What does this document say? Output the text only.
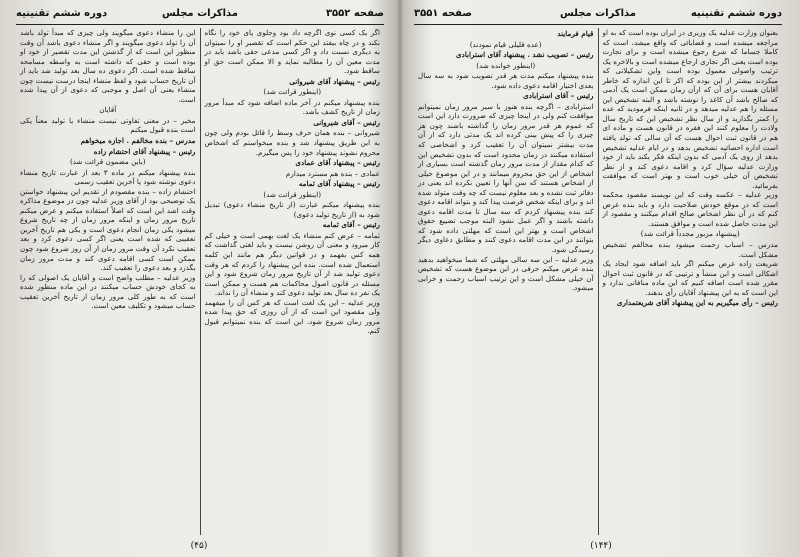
صفحه ۳۵۵۲
مذاکرات مجلس
دوره ششم تقنینیه

اگر یک کسی نوی اگرچه داد بود وجلوی پای خود را نگاه نکند و در چاه بیفتد این حکم است که تقصیر او را نمیتوان به دیگری نسبت داد و اگر کسی مدعی حقی باشد باید در مدت معین آن را مطالبه نماید و الا ممکن است حق او ساقط شود.

رئیس – پیشنهاد آقای شیروانی

(اینطور قرائت شد)

بنده پیشنهاد میکنم در آخر ماده اضافه شود که مبدأ مرور زمان از تاریخ کشف باشد.

رئیس – آقای شیروانی

شیروانی – بنده همان حرف وسط را قائل بودم ولی چون به این طریق پیشنهاد شد و بنده میخواستم که اشخاص محروم نشوند پیشنهاد خود را پس میگیرم.

رئیس – پیشنهاد آقای عمادی

عمادی – بنده هم مسترد میدارم

رئیس – پیشنهاد آقای ثمامه

(اینطور قرائت شد)

بنده پیشنهاد میکنم عبارت (از تاریخ منشاء دعوی) تبدیل شود به (از تاریخ تولید دعوی)

رئیس – آقای ثمامه

ثمامه – عرض کنم منشاء یک لغت بهمی است و خیلی کم کار میرود و معنی آن روشن نیست و باید لغتی گذاشت که همه کس بفهمد و در قوانین دیگر هم مانند این کلمه استعمال شده است. بنده این پیشنهاد را کردم که هر وقت دعوی تولید شد از آن تاریخ مرور زمان شروع شود و این مسئله در قانون اصول محاکمات هم هست و ممکن است یک نفر ده سال بعد تولید دعوی کند و منشاء آن را نداند.

وزیر عدلیه – این یک لغت است که هر کس آن را میفهمد ولی مقصود این است که از آن روزی که حق پیدا شده مرور زمان شروع شود. این است که بنده نمیتوانم قبول کنم.

این را منشاء دعوی میگویند ولی چیزی که مبدأ تولد باشد آن را تولد دعوی میگویند و اگر منشاء دعوی باشد آن وقت منظور این است که از گذشتن این مدت تقصیر از خود او بوده است و حقی که داشته است به واسطه مسامحه ساقط شده است. اگر دعوی ده سال بعد تولید شد باید از آن تاریخ حساب شود و لفظ منشاء اینجا درست نیست چون منشاء یعنی آن اصل و موجبی که دعوی از آن پیدا شده است.

آقایان

مخبر – در معنی تفاوتی نیست منشاء یا تولید معناً یکی است بنده قبول میکنم

مدرس – بنده مخالفم . اجازه میخواهم

رئیس – پیشنهاد آقای احتشام زاده

(باین مضمون قرائت شد)

بنده پیشنهاد میکنم در ماده ۳ بعد از عبارت تاریخ منشاء دعوی نوشته شود یا آخرین تعقیب رسمی

احتشام زاده – بنده مقصودم از تقدیم این پیشنهاد خواستن یک توضیحی بود از آقای وزیر عدلیه چون در موضوع مذاکره وقت اشد این است که اصلاً استفاده میکنم و عرض میکنم تاریخ مرور زمان و اینکه مرور زمان از چه تاریخ شروع میشود یکی زمان انجام دعوی است و یکی هم تاریخ آخرین تعقیبی که شده است یعنی اگر کسی دعوی کرد و بعد تعقیب نکرد آن وقت مرور زمان از آن روز شروع شود چون ممکن است کسی اقامه دعوی کند و مدت مرور زمان بگذرد و بعد دعوی را تعقیب کند.

وزیر عدلیه – مطلب واضح است و آقایان یک اصولی که را به کجای خودش حساب میکنند در این ماده منظور شده است که به طور کلی مرور زمان از تاریخ آخرین تعقیب حساب میشود و تکلیف معین است.

(۴۵)
دوره ششم تقنینیه
مذاکرات مجلس
صفحه ۳۵۵۱

بعنوان وزارت عدلیه یک وزیری در ایران بوده است که به او مراجعه میشده است و قضایائی که واقع میشد، است که کاملا جساما که شرع رجوع میشده است و برای تجارت بوده است یعنی اگر تجاری ارجاع میشده است و بالاخره یک ترتیب واصولی معمول بوده است واین تشکیلاتی که میکردند بیشتر از این بوده که اکر تا این اندازه که خاطر آقایان هست برای آن که ازآن زمان ممکن است یک آدمی که صالح باشد آن کاغذ را نوشته باشد و البته تشخیص این مسئله را هم عدلیه میدهد و در ثانیه اینکه فرمودید که عده را کمتر بگذارید و از سال نظر تشخیص این که تاریخ سال ولادت را معلوم کنند این فقره در قانون هست و ماده ای هم در قانون ثبت احوال هست که آن سالی که تولد یافته است اداره احصائیه تشخیص بدهد و در ایام عدلیه تشخیص بدهد از روی یک آدمی که بدون اینکه فکر بکند باید از خود وزارت عدلیه سؤال کرد و اقامه دعوی کند و از نظر تشخیص آن خیلی خوب است و بهتر است که موافقت بفرمائید.

وزیر عدلیه – عکسه وقت که این نویسند مقصود محکمه است که در موقع خودش صلاحیت دارد و باید بنده عرض کنم که در آن نظر اشخاص صالح اقدام میکنند و مقصود از این مدت حاصل شده است و موافق هستند.

(پیشنهاد مزبور مجدداً قرائت شد)

مدرس – اسباب زحمت میشود بنده مخالفم تشخیص مشکل است.

شریعت زاده عرض میکنم اگر باید اضافه شود ایجاد یک اشکالی است و این منشأ و ترتیبی که در قانون ثبت احوال مقرر شده است اضافه کنیم که این ماده منافاتی ندارد و این است که به این پیشنهاد آقایان رأی بدهند.

رئیس – رأی میگیریم به این پیشنهاد آقای شریعتمداری

قیام فرمایند

(عده قلیلی قیام نمودند)

رئیس – تصویب نشد . پیشنهاد آقای استرابادی

(اینطور خوانده شد)

بنده پیشنهاد میکنم مدت هر قدر تصویب شود به سه سال بعدی اختیار اقامه دعوی داده شود.

رئیس – آقای استرابادی

استرابادی – اگرچه بنده هنوز با سیر مرور زمان نمیتوانم موافقت کنم ولی در اینجا چیزی که ضرورت دارد این است که عموم هر قدر مرور زمان را گذاشته باشند چون هر چیزی را که پیش بینی کرده اند یک مدتی دارد که از آن مدت بیشتر نمیتوان آن را تعقیب کرد و اشخاصی که استفاده میکنند در زمان محدود است که بدون تشخیص این که کدام مقدار از مدت مرور زمان گذشته است بسیاری از اشخاص از این حق محروم میمانند و در این موضوع خیلی از اشخاص هستند که سن آنها را تعیین نکرده اند یعنی در دفاتر ثبت نشده و بعد معلوم نیست که چه وقت متولد شده اند و برای اینکه شخص فرصت پیدا کند و بتواند اقامه دعوی کند بنده پیشنهاد کردم که سه سال تا مدت اقامه دعوی داشته باشند و اگر عمل نشود البته موجب تضییع حقوق اشخاص است و بهتر این است که مهلتی داده شود که بتوانند در این مدت اقامه دعوی کنند و مطابق دعاوی دیگر رسیدگی شود.

وزیر عدلیه – این سه سالی مهلتی که شما میخواهید بدهید بنده عرض میکنم حرفی در این موضوع هست که تشخیص آن خیلی مشکل است و این ترتیب اسباب زحمت و خرابی میشود.

(۱۴۴)
